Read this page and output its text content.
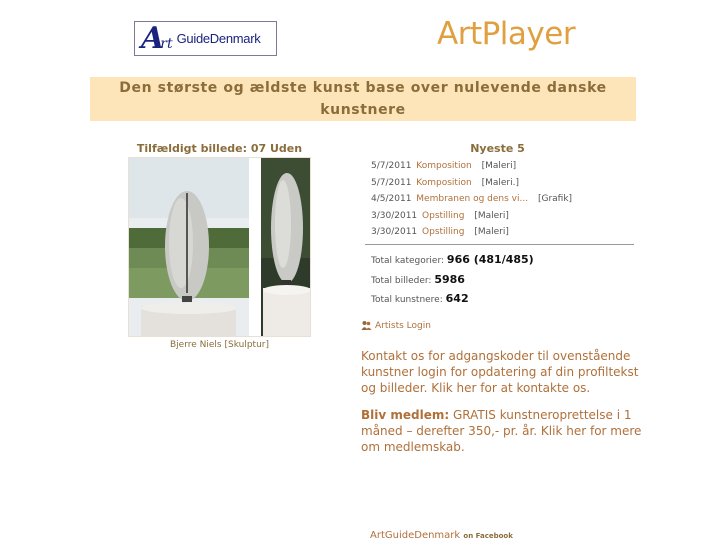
A
rt GuideDenmark	ArtPlayer
Den største og ældste kunst base over nulevende danske kunstnere
Tilfældigt billede: 07 Uden
Bjerre Niels [Skulptur]
Nyeste 5
5/7/2011 Komposition [Maleri]
5/7/2011 Komposition [Maleri.]
4/5/2011 Membranen og dens vi... [Grafik]
3/30/2011 Opstilling [Maleri]
3/30/2011 Opstilling [Maleri]
Total kategorier: 966 (481/485)
Total billeder: 5986
Total kunstnere: 642
Artists Login
Kontakt os for adgangskoder til ovenstående kunstner login for opdatering af din profiltekst og billeder. Klik her for at kontakte os.
Bliv medlem: GRATIS kunstneroprettelse i 1 måned – derefter 350,- pr. år. Klik her for mere om medlemskab.
ArtGuideDenmark on Facebook
